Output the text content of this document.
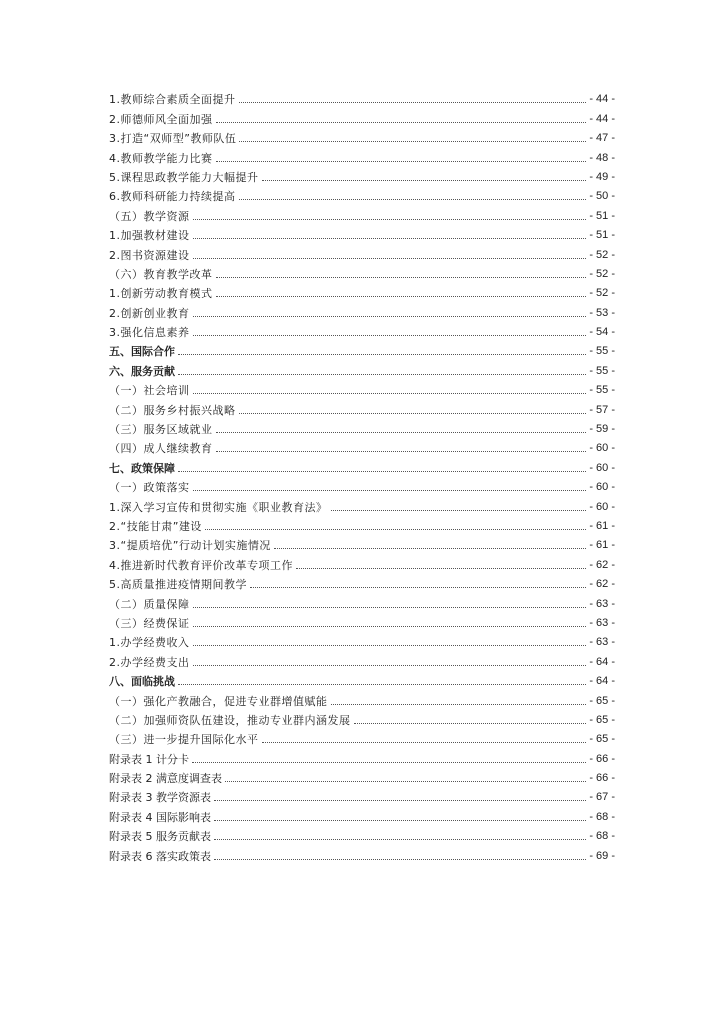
1.教师综合素质全面提升	- 44 -
2.师德师风全面加强	- 44 -
3.打造“双师型”教师队伍	- 47 -
4.教师教学能力比赛	- 48 -
5.课程思政教学能力大幅提升	- 49 -
6.教师科研能力持续提高	- 50 -
（五）教学资源	- 51 -
1.加强教材建设	- 51 -
2.图书资源建设	- 52 -
（六）教育教学改革	- 52 -
1.创新劳动教育模式	- 52 -
2.创新创业教育	- 53 -
3.强化信息素养	- 54 -
五、国际合作	- 55 -
六、服务贡献	- 55 -
（一）社会培训	- 55 -
（二）服务乡村振兴战略	- 57 -
（三）服务区域就业	- 59 -
（四）成人继续教育	- 60 -
七、政策保障	- 60 -
（一）政策落实	- 60 -
1.深入学习宣传和贯彻实施《职业教育法》	- 60 -
2.“技能甘肃”建设	- 61 -
3.“提质培优”行动计划实施情况	- 61 -
4.推进新时代教育评价改革专项工作	- 62 -
5.高质量推进疫情期间教学	- 62 -
（二）质量保障	- 63 -
（三）经费保证	- 63 -
1.办学经费收入	- 63 -
2.办学经费支出	- 64 -
八、面临挑战	- 64 -
（一）强化产教融合，促进专业群增值赋能	- 65 -
（二）加强师资队伍建设，推动专业群内涵发展	- 65 -
（三）进一步提升国际化水平	- 65 -
附录表 1 计分卡	- 66 -
附录表 2 满意度调查表	- 66 -
附录表 3 教学资源表	- 67 -
附录表 4 国际影响表	- 68 -
附录表 5 服务贡献表	- 68 -
附录表 6 落实政策表	- 69 -
